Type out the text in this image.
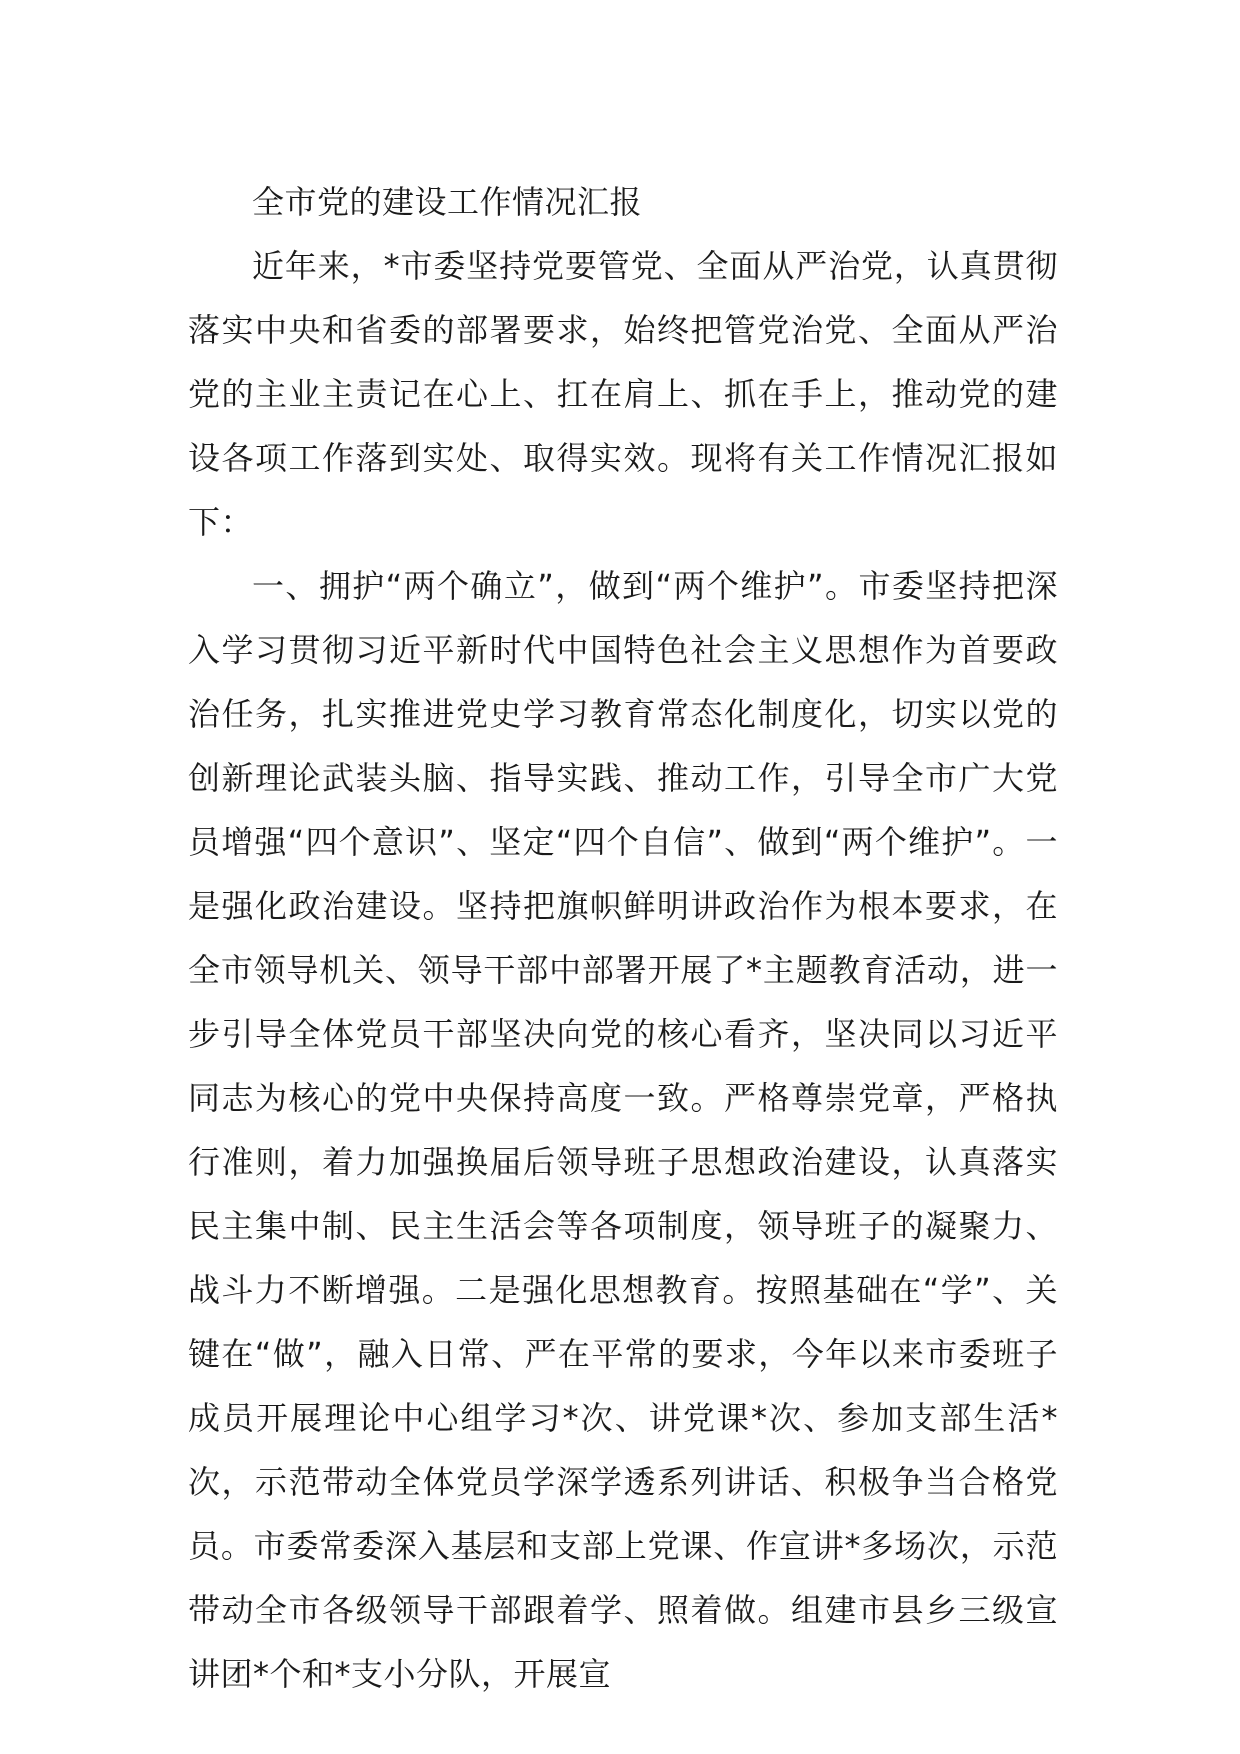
全市党的建设工作情况汇报

近年来，*市委坚持党要管党、全面从严治党，认真贯彻落实中央和省委的部署要求，始终把管党治党、全面从严治党的主业主责记在心上、扛在肩上、抓在手上，推动党的建设各项工作落到实处、取得实效。现将有关工作情况汇报如下：

一、拥护“两个确立”，做到“两个维护”。市委坚持把深入学习贯彻习近平新时代中国特色社会主义思想作为首要政治任务，扎实推进党史学习教育常态化制度化，切实以党的创新理论武装头脑、指导实践、推动工作，引导全市广大党员增强“四个意识”、坚定“四个自信”、做到“两个维护”。一是强化政治建设。坚持把旗帜鲜明讲政治作为根本要求，在全市领导机关、领导干部中部署开展了*主题教育活动，进一步引导全体党员干部坚决向党的核心看齐，坚决同以习近平同志为核心的党中央保持高度一致。严格尊崇党章，严格执行准则，着力加强换届后领导班子思想政治建设，认真落实民主集中制、民主生活会等各项制度，领导班子的凝聚力、战斗力不断增强。二是强化思想教育。按照基础在“学”、关键在“做”，融入日常、严在平常的要求，今年以来市委班子成员开展理论中心组学习*次、讲党课*次、参加支部生活*次，示范带动全体党员学深学透系列讲话、积极争当合格党员。市委常委深入基层和支部上党课、作宣讲*多场次，示范带动全市各级领导干部跟着学、照着做。组建市县乡三级宣讲团*个和*支小分队，开展宣
